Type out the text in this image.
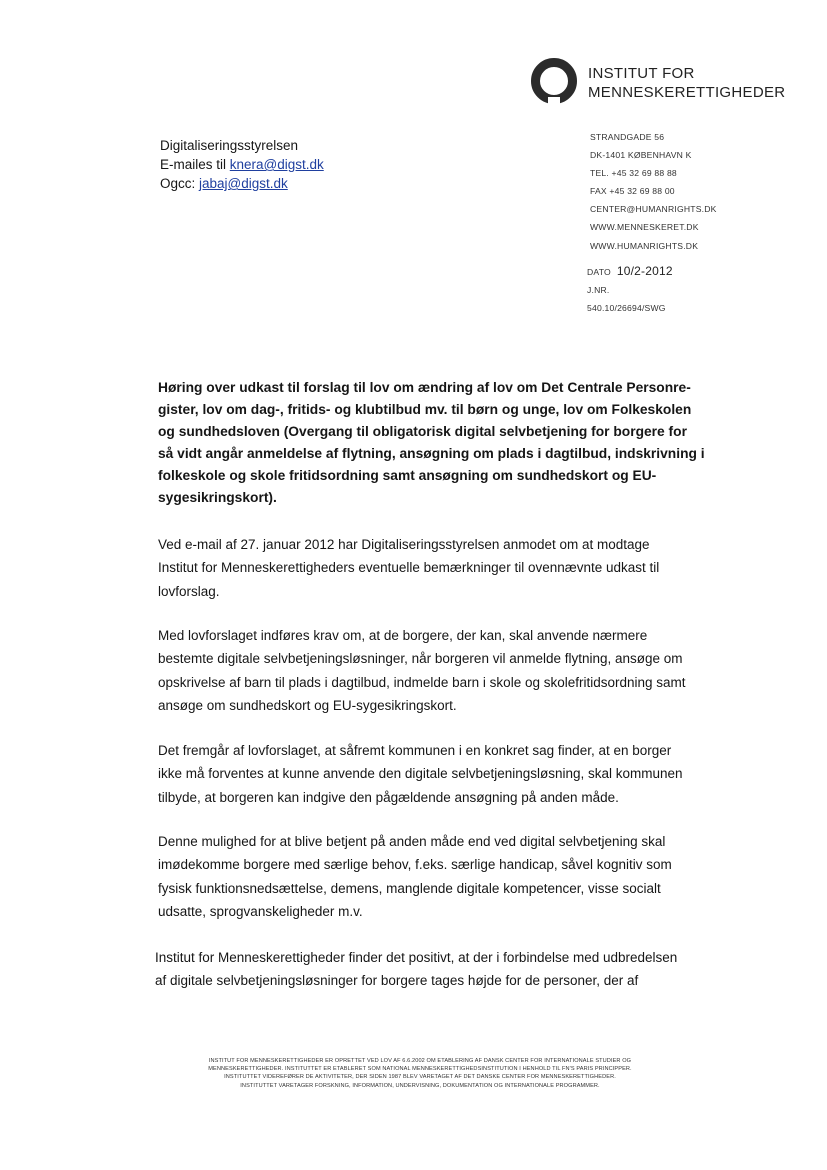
INSTITUT FOR
MENNESKERETTIGHEDER
Digitaliseringsstyrelsen
E-mailes til knera@digst.dk
Ogcc: jabaj@digst.dk
STRANDGADE 56
DK-1401 KØBENHAVN K
TEL. +45 32 69 88 88
FAX +45 32 69 88 00
CENTER@HUMANRIGHTS.DK
WWW.MENNESKERET.DK
WWW.HUMANRIGHTS.DK
DATO 10/2-2012
J.NR.
540.10/26694/SWG
Høring over udkast til forslag til lov om ændring af lov om Det Centrale Personre-
gister, lov om dag-, fritids- og klubtilbud mv. til børn og unge, lov om Folkeskolen
og sundhedsloven (Overgang til obligatorisk digital selvbetjening for borgere for
så vidt angår anmeldelse af flytning, ansøgning om plads i dagtilbud, indskrivning i
folkeskole og skole fritidsordning samt ansøgning om sundhedskort og EU-
sygesikringskort).
Ved e-mail af 27. januar 2012 har Digitaliseringsstyrelsen anmodet om at modtage
Institut for Menneskerettigheders eventuelle bemærkninger til ovennævnte udkast til
lovforslag.
Med lovforslaget indføres krav om, at de borgere, der kan, skal anvende nærmere
bestemte digitale selvbetjeningsløsninger, når borgeren vil anmelde flytning, ansøge om
opskrivelse af barn til plads i dagtilbud, indmelde barn i skole og skolefritidsordning samt
ansøge om sundhedskort og EU-sygesikringskort.
Det fremgår af lovforslaget, at såfremt kommunen i en konkret sag finder, at en borger
ikke må forventes at kunne anvende den digitale selvbetjeningsløsning, skal kommunen
tilbyde, at borgeren kan indgive den pågældende ansøgning på anden måde.
Denne mulighed for at blive betjent på anden måde end ved digital selvbetjening skal
imødekomme borgere med særlige behov, f.eks. særlige handicap, såvel kognitiv som
fysisk funktionsnedsættelse, demens, manglende digitale kompetencer, visse socialt
udsatte, sprogvanskeligheder m.v.
Institut for Menneskerettigheder finder det positivt, at der i forbindelse med udbredelsen
af digitale selvbetjeningsløsninger for borgere tages højde for de personer, der af
INSTITUT FOR MENNESKERETTIGHEDER ER OPRETTET VED LOV AF 6.6.2002 OM ETABLERING AF DANSK CENTER FOR INTERNATIONALE STUDIER OG
MENNESKERETTIGHEDER. INSTITUTTET ER ETABLERET SOM NATIONAL MENNESKERETTIGHEDSINSTITUTION I HENHOLD TIL FN'S PARIS PRINCIPPER.
INSTITUTTET VIDEREFØRER DE AKTIVITETER, DER SIDEN 1987 BLEV VARETAGET AF DET DANSKE CENTER FOR MENNESKERETTIGHEDER.
INSTITUTTET VARETAGER FORSKNING, INFORMATION, UNDERVISNING, DOKUMENTATION OG INTERNATIONALE PROGRAMMER.
